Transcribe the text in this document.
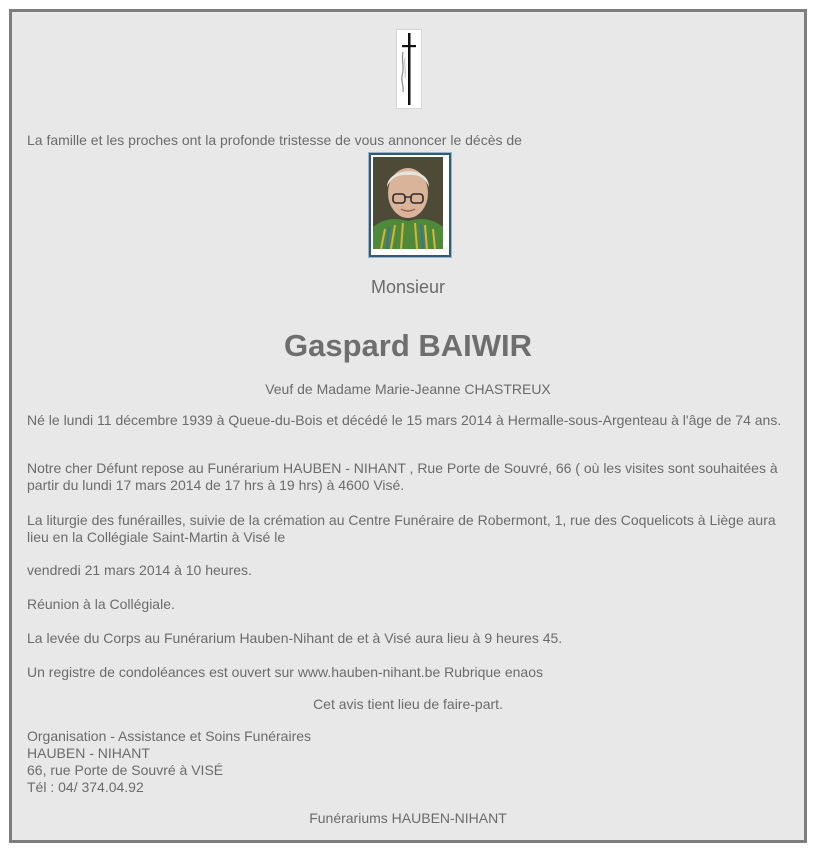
La famille et les proches ont la profonde tristesse de vous annoncer le décès de
Monsieur
Gaspard BAIWIR
Veuf de Madame Marie-Jeanne CHASTREUX
Né le lundi 11 décembre 1939 à Queue-du-Bois et décédé le 15 mars 2014 à Hermalle-sous-Argenteau à l'âge de 74 ans.
Notre cher Défunt repose au Funérarium HAUBEN - NIHANT , Rue Porte de Souvré, 66 ( où les visites sont souhaitées à partir du lundi 17 mars 2014 de 17 hrs à 19 hrs) à 4600 Visé.
La liturgie des funérailles, suivie de la crémation au Centre Funéraire de Robermont, 1, rue des Coquelicots à Liège aura lieu en la Collégiale Saint-Martin à Visé le
vendredi 21 mars 2014 à 10 heures.
Réunion à la Collégiale.
La levée du Corps au Funérarium Hauben-Nihant de et à Visé aura lieu à 9 heures 45.
Un registre de condoléances est ouvert sur www.hauben-nihant.be Rubrique enaos
Cet avis tient lieu de faire-part.
Organisation - Assistance et Soins Funéraires
HAUBEN - NIHANT
66, rue Porte de Souvré à VISÉ
Tél : 04/ 374.04.92
Funérariums HAUBEN-NIHANT
